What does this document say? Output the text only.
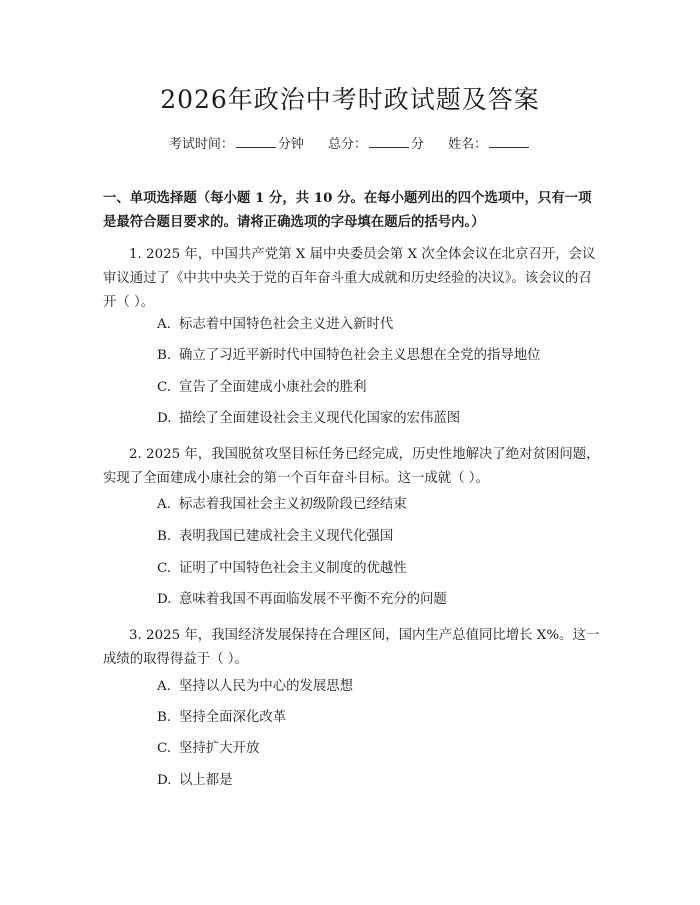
2026年政治中考时政试题及答案
考试时间：	分钟 总分：	分 姓名：
一、单项选择题（每小题 1 分，共 10 分。在每小题列出的四个选项中，只有一项是最符合题目要求的。请将正确选项的字母填在题后的括号内。）
1. 2025 年，中国共产党第 X 届中央委员会第 X 次全体会议在北京召开，会议审议通过了《中共中央关于党的百年奋斗重大成就和历史经验的决议》。该会议的召开（ ）。
A. 标志着中国特色社会主义进入新时代
B. 确立了习近平新时代中国特色社会主义思想在全党的指导地位
C. 宣告了全面建成小康社会的胜利
D. 描绘了全面建设社会主义现代化国家的宏伟蓝图
2. 2025 年，我国脱贫攻坚目标任务已经完成，历史性地解决了绝对贫困问题，实现了全面建成小康社会的第一个百年奋斗目标。这一成就（ ）。
A. 标志着我国社会主义初级阶段已经结束
B. 表明我国已建成社会主义现代化强国
C. 证明了中国特色社会主义制度的优越性
D. 意味着我国不再面临发展不平衡不充分的问题
3. 2025 年，我国经济发展保持在合理区间，国内生产总值同比增长 X%。这一成绩的取得得益于（ ）。
A. 坚持以人民为中心的发展思想
B. 坚持全面深化改革
C. 坚持扩大开放
D. 以上都是
